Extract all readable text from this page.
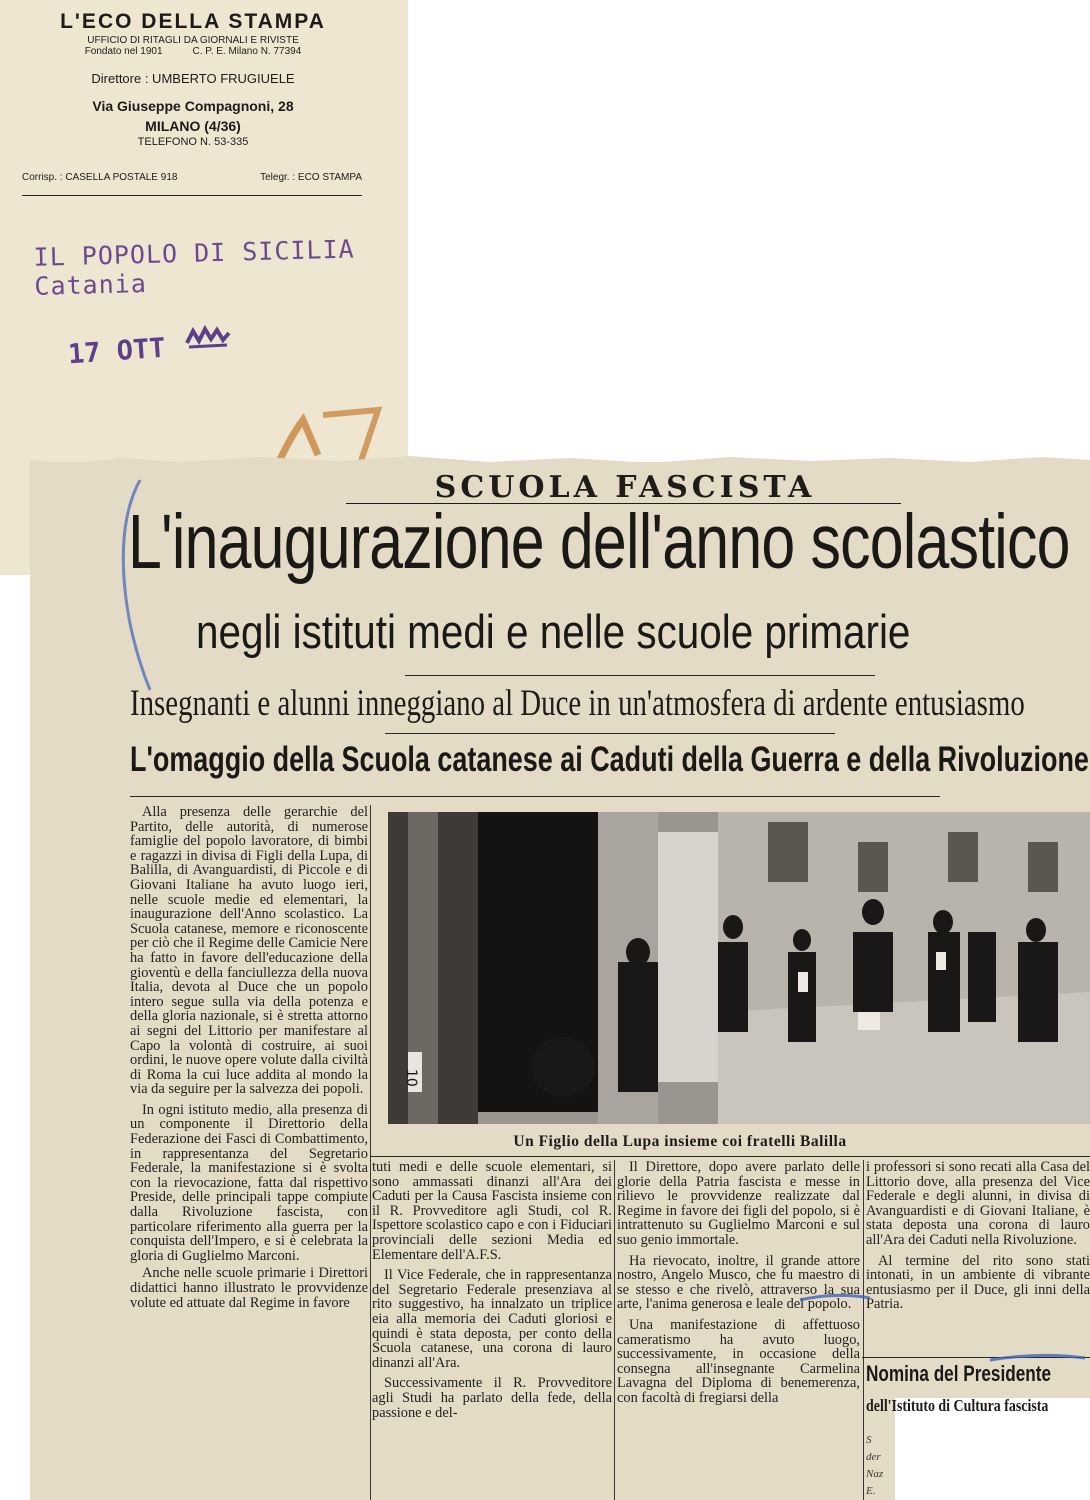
L'ECO DELLA STAMPA
UFFICIO DI RITAGLI DA GIORNALI E RIVISTE
Fondato nel 1901	C. P. E. Milano N. 77394
Direttore : UMBERTO FRUGIUELE
Via Giuseppe Compagnoni, 28
MILANO (4/36)
TELEFONO N. 53-335
Corrisp. : CASELLA POSTALE 918	Telegr. : ECO STAMPA
IL POPOLO DI SICILIA Catania
17 OTT
SCUOLA FASCISTA
L'inaugurazione dell'anno scolastico
negli istituti medi e nelle scuole primarie
Insegnanti e alunni inneggiano al Duce in un'atmosfera di ardente entusiasmo
L'omaggio della Scuola catanese ai Caduti della Guerra e della Rivoluzione

Alla presenza delle gerarchie del Partito, delle autorità, di numerose famiglie del popolo lavoratore, di bimbi e ragazzi in divisa di Figli della Lupa, di Balilla, di Avanguardisti, di Piccole e di Giovani Italiane ha avuto luogo ieri, nelle scuole medie ed elementari, la inaugurazione dell'Anno scolastico. La Scuola catanese, memore e riconoscente per ciò che il Regime delle Camicie Nere ha fatto in favore dell'educazione della gioventù e della fanciullezza della nuova Italia, devota al Duce che un popolo intero segue sulla via della potenza e della gloria nazionale, si è stretta attorno ai segni del Littorio per manifestare al Capo la volontà di costruire, ai suoi ordini, le nuove opere volute dalla civiltà di Roma la cui luce addita al mondo la via da seguire per la salvezza dei popoli.

In ogni istituto medio, alla presenza di un componente il Direttorio della Federazione dei Fasci di Combattimento, in rappresentanza del Segretario Federale, la manifestazione si è svolta con la rievocazione, fatta dal rispettivo Preside, delle principali tappe compiute dalla Rivoluzione fascista, con particolare riferimento alla guerra per la conquista dell'Impero, e si è celebrata la gloria di Guglielmo Marconi.

Anche nelle scuole primarie i Direttori didattici hanno illustrato le provvidenze volute ed attuate dal Regime in favore

10
Un Figlio della Lupa insieme coi fratelli Balilla

tuti medi e delle scuole elementari, si sono ammassati dinanzi all'Ara dei Caduti per la Causa Fascista insieme con il R. Provveditore agli Studi, col R. Ispettore scolastico capo e con i Fiduciari provinciali delle sezioni Media ed Elementare dell'A.F.S.

Il Vice Federale, che in rappresentanza del Segretario Federale presenziava al rito suggestivo, ha innalzato un triplice eia alla memoria dei Caduti gloriosi e quindi è stata deposta, per conto della Scuola catanese, una corona di lauro dinanzi all'Ara.

Successivamente il R. Provveditore agli Studi ha parlato della fede, della passione e del-

Il Direttore, dopo avere parlato delle glorie della Patria fascista e messe in rilievo le provvidenze realizzate dal Regime in favore dei figli del popolo, si è intrattenuto su Guglielmo Marconi e sul suo genio immortale.

Ha rievocato, inoltre, il grande attore nostro, Angelo Musco, che fu maestro di se stesso e che rivelò, attraverso la sua arte, l'anima generosa e leale del popolo.

Una manifestazione di affettuoso cameratismo ha avuto luogo, successivamente, in occasione della consegna all'insegnante Carmelina Lavagna del Diploma di benemerenza, con facoltà di fregiarsi della

i professori si sono recati alla Casa del Littorio dove, alla presenza del Vice Federale e degli alunni, in divisa di Avanguardisti e di Giovani Italiane, è stata deposta una corona di lauro all'Ara dei Caduti nella Rivoluzione.

Al termine del rito sono stati intonati, in un ambiente di vibrante entusiasmo per il Duce, gli inni della Patria.

Nomina del Presidente
dell'Istituto di Cultura fascista
S
der
Naz
E.
